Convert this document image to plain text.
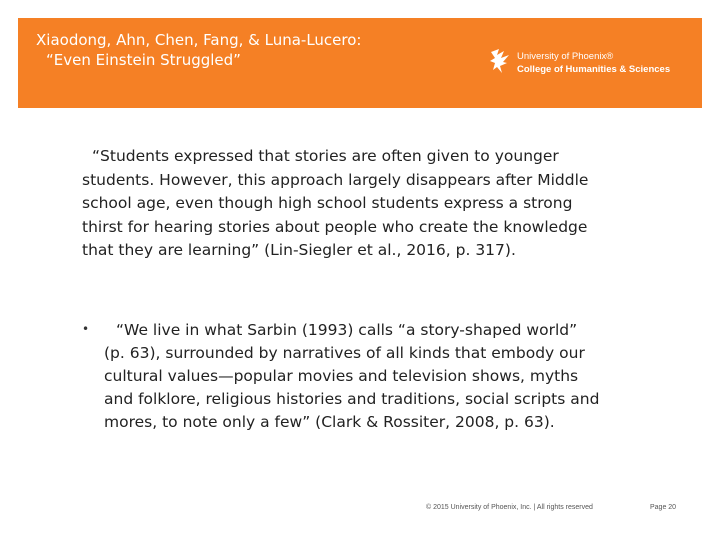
Xiaodong, Ahn, Chen, Fang, & Luna-Lucero:

“Even Einstein Struggled”	University of Phoenix®
College of Humanities & Sciences
“Students expressed that stories are often given to younger
students. However, this approach largely disappears after Middle
school age, even though high school students express a strong
thirst for hearing stories about people who create the knowledge
that they are learning” (Lin-Siegler et al., 2016, p. 317).
•	“We live in what Sarbin (1993) calls “a story-shaped world”
(p. 63), surrounded by narratives of all kinds that embody our
cultural values—popular movies and television shows, myths
and folklore, religious histories and traditions, social scripts and
mores, to note only a few” (Clark & Rossiter, 2008, p. 63).
© 2015 University of Phoenix, Inc. | All rights reserved	Page 20
